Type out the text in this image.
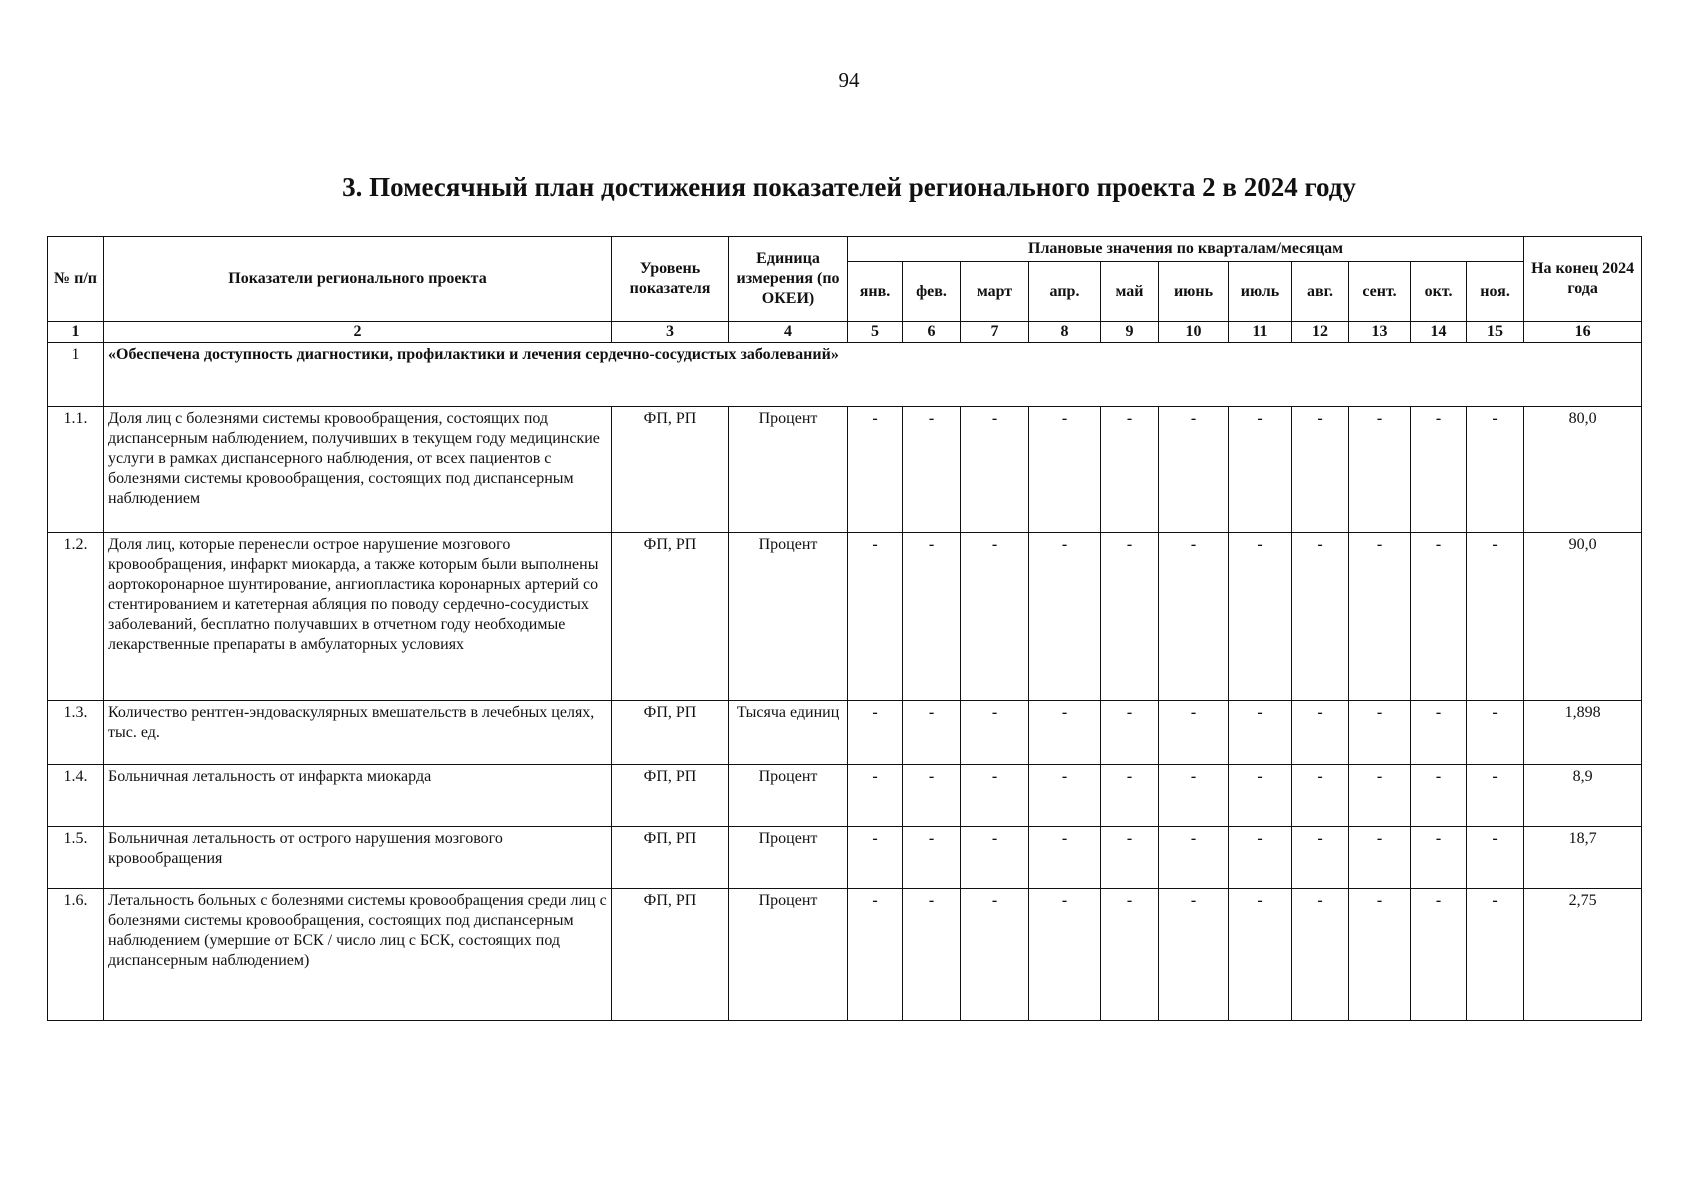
94
3. Помесячный план достижения показателей регионального проекта 2 в 2024 году
№ п/п	Показатели регионального проекта	Уровень показателя	Единица измерения (по ОКЕИ)	Плановые значения по кварталам/месяцам											На конец 2024 года
				янв.	фев.	март	апр.	май	июнь	июль	авг.	сент.	окт.	ноя.	
1	2	3	4	5	6	7	8	9	10	11	12	13	14	15	16
1	«Обеспечена доступность диагностики, профилактики и лечения сердечно-сосудистых заболеваний»														
1.1.	Доля лиц с болезнями системы кровообращения, состоящих под диспансерным наблюдением, получивших в текущем году медицинские услуги в рамках диспансерного наблюдения, от всех пациентов с болезнями системы кровообращения, состоящих под диспансерным наблюдением	ФП, РП	Процент	-	-	-	-	-	-	-	-	-	-	-	80,0
1.2.	Доля лиц, которые перенесли острое нарушение мозгового кровообращения, инфаркт миокарда, а также которым были выполнены аортокоронарное шунтирование, ангиопластика коронарных артерий со стентированием и катетерная абляция по поводу сердечно-сосудистых заболеваний, бесплатно получавших в отчетном году необходимые лекарственные препараты в амбулаторных условиях	ФП, РП	Процент	-	-	-	-	-	-	-	-	-	-	-	90,0
1.3.	Количество рентген-эндоваскулярных вмешательств в лечебных целях, тыс. ед.	ФП, РП	Тысяча единиц	-	-	-	-	-	-	-	-	-	-	-	1,898
1.4.	Больничная летальность от инфаркта миокарда	ФП, РП	Процент	-	-	-	-	-	-	-	-	-	-	-	8,9
1.5.	Больничная летальность от острого нарушения мозгового кровообращения	ФП, РП	Процент	-	-	-	-	-	-	-	-	-	-	-	18,7
1.6.	Летальность больных с болезнями системы кровообращения среди лиц с болезнями системы кровообращения, состоящих под диспансерным наблюдением (умершие от БСК / число лиц с БСК, состоящих под диспансерным наблюдением)	ФП, РП	Процент	-	-	-	-	-	-	-	-	-	-	-	2,75
